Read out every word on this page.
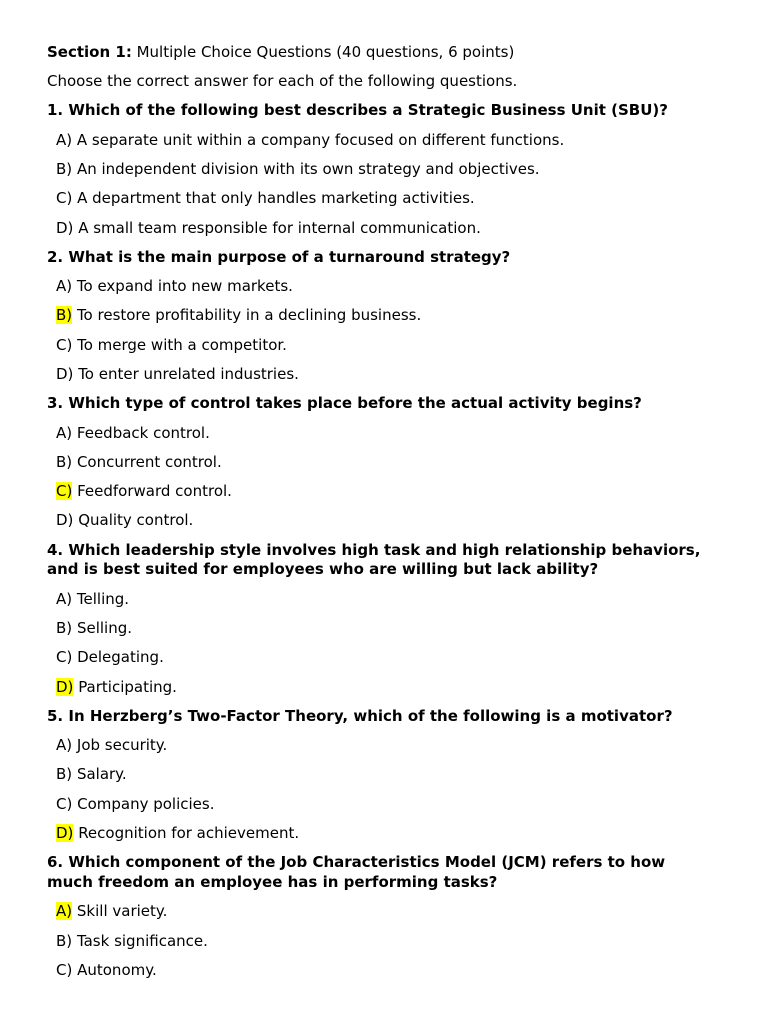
Section 1: Multiple Choice Questions (40 questions, 6 points)
Choose the correct answer for each of the following questions.
1. Which of the following best describes a Strategic Business Unit (SBU)?
A) A separate unit within a company focused on different functions.
B) An independent division with its own strategy and objectives.
C) A department that only handles marketing activities.
D) A small team responsible for internal communication.
2. What is the main purpose of a turnaround strategy?
A) To expand into new markets.
B) To restore profitability in a declining business.
C) To merge with a competitor.
D) To enter unrelated industries.
3. Which type of control takes place before the actual activity begins?
A) Feedback control.
B) Concurrent control.
C) Feedforward control.
D) Quality control.
4. Which leadership style involves high task and high relationship behaviors,
and is best suited for employees who are willing but lack ability?
A) Telling.
B) Selling.
C) Delegating.
D) Participating.
5. In Herzberg’s Two-Factor Theory, which of the following is a motivator?
A) Job security.
B) Salary.
C) Company policies.
D) Recognition for achievement.
6. Which component of the Job Characteristics Model (JCM) refers to how
much freedom an employee has in performing tasks?
A) Skill variety.
B) Task significance.
C) Autonomy.
